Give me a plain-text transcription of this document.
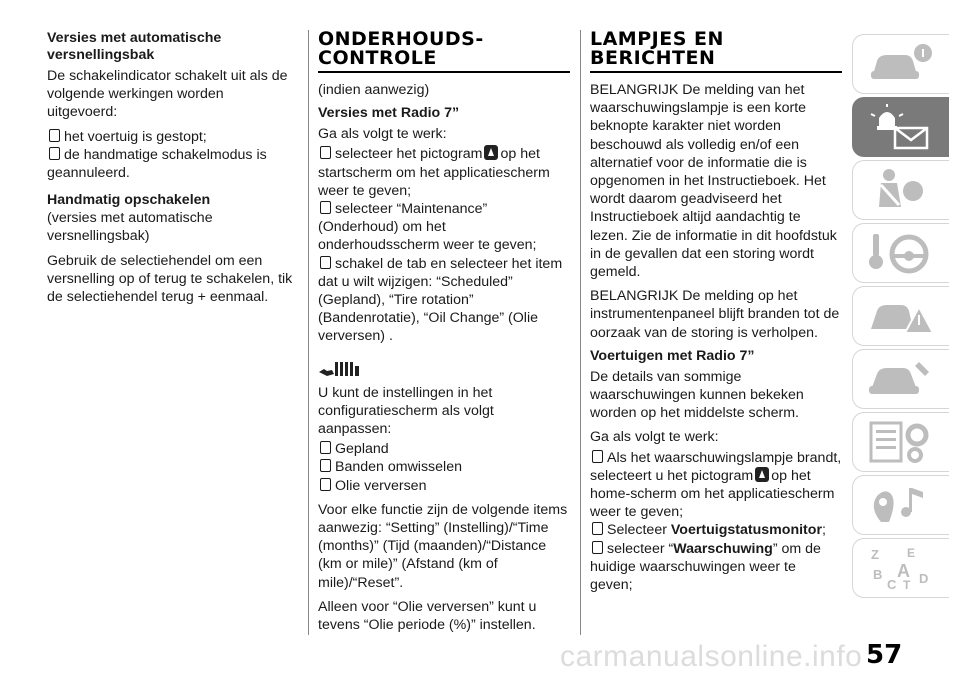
Versies met automatische versnellingsbak

De schakelindicator schakelt uit als de volgende werkingen worden uitgevoerd:

het voertuig is gestopt;

de handmatige schakelmodus is geannuleerd.

Handmatig opschakelen

(versies met automatische versnellingsbak)

Gebruik de selectiehendel om een versnelling op of terug te schakelen, tik de selectiehendel terug + eenmaal.

ONDERHOUDS-CONTROLE

(indien aanwezig)

Versies met Radio 7”

Ga als volgt te werk:

selecteer het pictogram op het startscherm om het applicatiescherm weer te geven;

selecteer “Maintenance” (Onderhoud) om het onderhoudsscherm weer te geven;

schakel de tab en selecteer het item dat u wilt wijzigen: “Scheduled” (Gepland), “Tire rotation” (Bandenrotatie), “Oil Change” (Olie verversen) .

U kunt de instellingen in het configuratiescherm als volgt aanpassen:

Gepland

Banden omwisselen

Olie verversen

Voor elke functie zijn de volgende items aanwezig: “Setting” (Instelling)/“Time (months)” (Tijd (maanden)/“Distance (km or mile)” (Afstand (km of mile)/“Reset”.

Alleen voor “Olie verversen” kunt u tevens “Olie periode (%)” instellen.

LAMPJES EN BERICHTEN

BELANGRIJK De melding van het waarschuwingslampje is een korte beknopte karakter niet worden beschouwd als volledig en/of een alternatief voor de informatie die is opgenomen in het Instructieboek. Het wordt daarom geadviseerd het Instructieboek altijd aandachtig te lezen. Zie de informatie in dit hoofdstuk in de gevallen dat een storing wordt gemeld.

BELANGRIJK De melding op het instrumentenpaneel blijft branden tot de oorzaak van de storing is verholpen.

Voertuigen met Radio 7”

De details van sommige waarschuwingen kunnen bekeken worden op het middelste scherm.

Ga als volgt te werk:

Als het waarschuwingslampje brandt, selecteert u het pictogram op het home-scherm om het applicatiescherm weer te geven;

Selecteer Voertuigstatusmonitor;

selecteer “Waarschuwing” om de huidige waarschuwingen weer te geven;

Z E
B A
C T D
carmanualsonline.info 57
